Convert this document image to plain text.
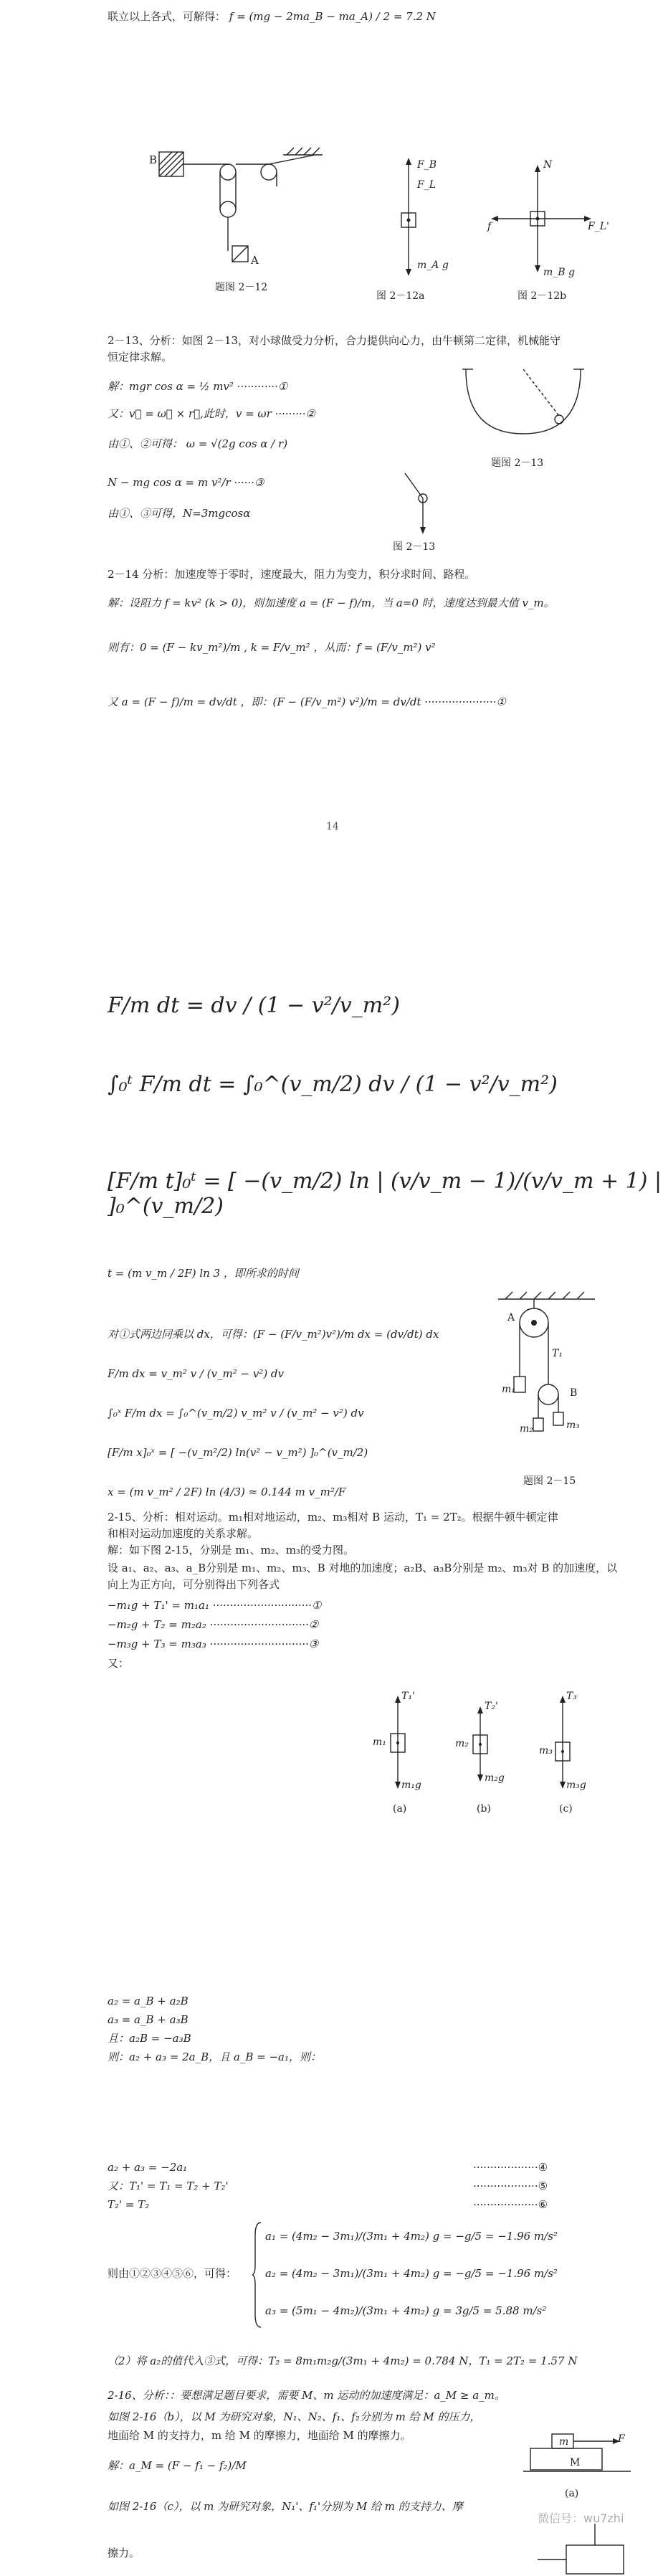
联立以上各式，可解得： f = (mg − 2ma_B − ma_A) / 2 = 7.2 N
B
A
题图 2－12
F_B
F_L
m_A g
图 2－12a
N
f	F_L'
m_B g
图 2－12b
2－13、分析：如图 2－13，对小球做受力分析，合力提供向心力，由牛顿第二定律，机械能守
恒定律求解。
解：mgr cos α = ½ mv² ············①
又：v⃗ = ω⃗ × r⃗,此时，v = ωr ·········②
由①、②可得： ω = √(2g cos α / r)
N − mg cos α = m v²/r ······③
由①、③可得，N=3mgcosα
题图 2－13
图 2－13
2－14 分析：加速度等于零时，速度最大，阻力为变力，积分求时间、路程。
解：设阻力 f = kv² (k > 0)，则加速度 a = (F − f)/m，当 a=0 时，速度达到最大值 v_m。
则有：0 = (F − kv_m²)/m , k = F/v_m² ，从而：f = (F/v_m²) v²
又 a = (F − f)/m = dv/dt ，即：(F − (F/v_m²) v²)/m = dv/dt ·····················①
14
F/m dt = dv / (1 − v²/v_m²)
∫₀ᵗ F/m dt = ∫₀^(v_m/2) dv / (1 − v²/v_m²)
[F/m t]₀ᵗ = [ −(v_m/2) ln | (v/v_m − 1)/(v/v_m + 1) | ]₀^(v_m/2)
t = (m v_m / 2F) ln 3 ，即所求的时间
对①式两边同乘以 dx，可得：(F − (F/v_m²)v²)/m dx = (dv/dt) dx
F/m dx = v_m² v / (v_m² − v²) dv
∫₀ˣ F/m dx = ∫₀^(v_m/2) v_m² v / (v_m² − v²) dv
[F/m x]₀ˣ = [ −(v_m²/2) ln(v² − v_m²) ]₀^(v_m/2)
x = (m v_m² / 2F) ln (4/3) ≈ 0.144 m v_m²/F
A
B
T₁
m₁
m₂	m₃
题图 2－15
2-15、分析：相对运动。m₁相对地运动，m₂、m₃相对 B 运动，T₁ = 2T₂。根据牛顿牛顿定律
和相对运动加速度的关系求解。
解：如下图 2-15，分别是 m₁、m₂、m₃的受力图。
设 a₁、a₂、a₃、a_B分别是 m₁、m₂、m₃、B 对地的加速度；a₂B、a₃B分别是 m₂、m₃对 B 的加速度，以
向上为正方向，可分别得出下列各式
−m₁g + T₁' = m₁a₁ ·····························①
−m₂g + T₂ = m₂a₂ ·····························②
−m₃g + T₃ = m₃a₃ ·····························③
又：
T₁'
T₂'
T₃
m₁	m₂
m₃
m₁g
m₂g
m₃g
(a)	(b)	(c)
a₂ = a_B + a₂B
a₃ = a_B + a₃B
且：a₂B = −a₃B
则：a₂ + a₃ = 2a_B，且 a_B = −a₁，则：
a₂ + a₃ = −2a₁	···················④
又：T₁' = T₁ = T₂ + T₂'	···················⑤
T₂' = T₂	···················⑥
则由①②③④⑤⑥，可得：
a₁ = (4m₂ − 3m₁)/(3m₁ + 4m₂) g = −g/5 = −1.96 m/s²
a₂ = (4m₂ − 3m₁)/(3m₁ + 4m₂) g = −g/5 = −1.96 m/s²
a₃ = (5m₁ − 4m₂)/(3m₁ + 4m₂) g = 3g/5 = 5.88 m/s²
（2）将 a₂的值代入③式，可得：T₂ = 8m₁m₂g/(3m₁ + 4m₂) = 0.784 N，T₁ = 2T₂ = 1.57 N
2-16、分析：：要想满足题目要求，需要 M、m 运动的加速度满足：a_M ≥ a_m。
如图 2-16（b），以 M 为研究对象，N₁、N₂、f₁、f₂分别为 m 给 M 的压力，
地面给 M 的支持力，m 给 M 的摩擦力，地面给 M 的摩擦力。
解：a_M = (F − f₁ − f₂)/M
如图 2-16（c），以 m 为研究对象，N₁'、f₁'分别为 M 给 m 的支持力、摩
擦力。
m
M
F
(a)
微信号：wu7zhi
